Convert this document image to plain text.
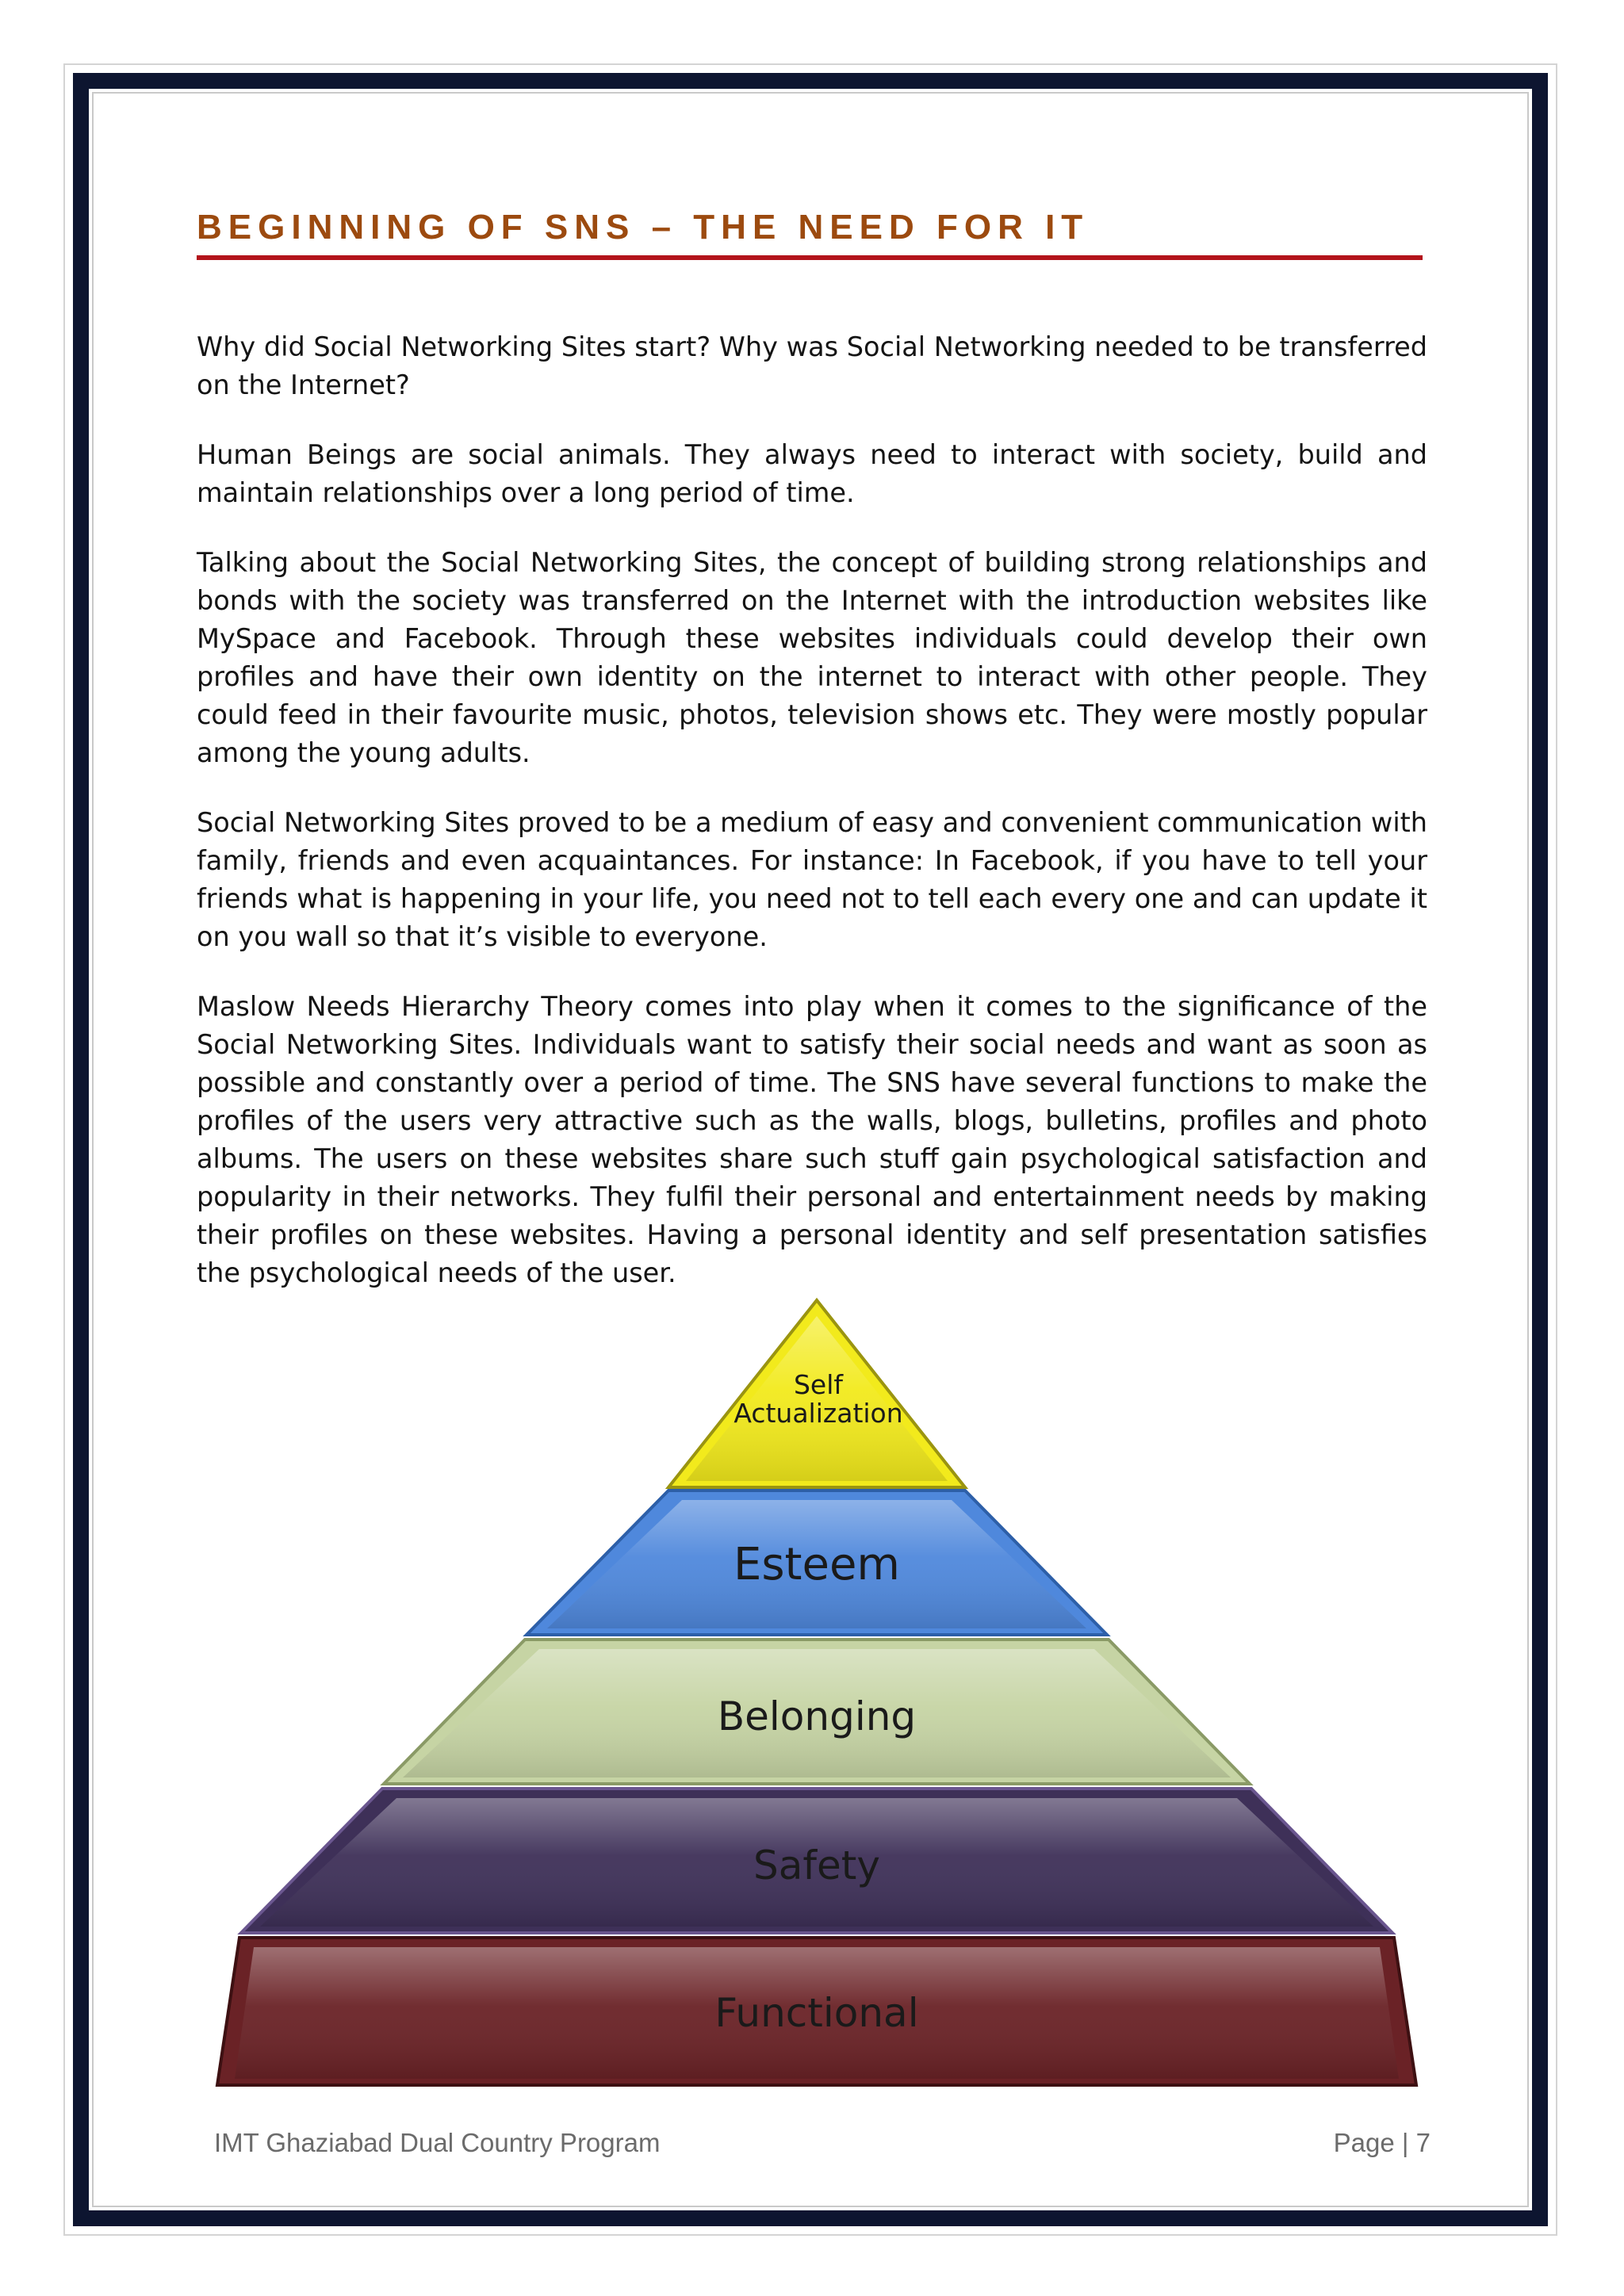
BEGINNING OF SNS – THE NEED FOR IT

Why did Social Networking Sites start? Why was Social Networking needed to be transferred on the Internet?

Human Beings are social animals. They always need to interact with society, build and maintain relationships over a long period of time.

Talking about the Social Networking Sites, the concept of building strong relationships and bonds with the society was transferred on the Internet with the introduction websites like MySpace and Facebook. Through these websites individuals could develop their own profiles and have their own identity on the internet to interact with other people. They could feed in their favourite music, photos, television shows etc. They were mostly popular among the young adults.

Social Networking Sites proved to be a medium of easy and convenient communication with family, friends and even acquaintances. For instance: In Facebook, if you have to tell your friends what is happening in your life, you need not to tell each every one and can update it on you wall so that it’s visible to everyone.

Maslow Needs Hierarchy Theory comes into play when it comes to the significance of the Social Networking Sites. Individuals want to satisfy their social needs and want as soon as possible and constantly over a period of time. The SNS have several functions to make the profiles of the users very attractive such as the walls, blogs, bulletins, profiles and photo albums. The users on these websites share such stuff gain psychological satisfaction and popularity in their networks. They fulfil their personal and entertainment needs by making their profiles on these websites. Having a personal identity and self presentation satisfies the psychological needs of the user.

Self
Actualization
Esteem
Belonging
Safety
Functional
IMT Ghaziabad Dual Country Program	Page | 7
